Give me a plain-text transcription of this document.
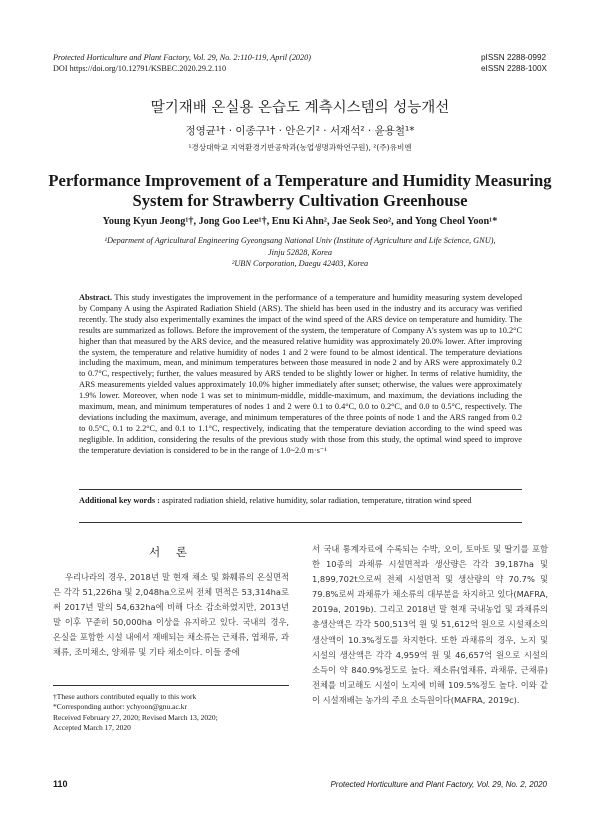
Protected Horticulture and Plant Factory, Vol. 29, No. 2:110-119, April (2020)
DOI https://doi.org/10.12791/KSBEC.2020.29.2.110
pISSN 2288-0992
eISSN 2288-100X
딸기재배 온실용 온습도 계측시스템의 성능개선
정영균¹† · 이종구¹† · 안은기² · 서재석² · 윤용철¹*
¹경상대학교 지역환경기반공학과(농업생명과학연구원), ²(주)유비엔
Performance Improvement of a Temperature and Humidity Measuring
System for Strawberry Cultivation Greenhouse
Young Kyun Jeong¹†, Jong Goo Lee¹†, Enu Ki Ahn², Jae Seok Seo², and Yong Cheol Yoon¹*
¹Deparment of Agricultural Engineering Gyeongsang National Univ (Institute of Agriculture and Life Science, GNU),
Jinju 52828, Korea
²UBN Corporation, Daegu 42403, Korea
Abstract. This study investigates the improvement in the performance of a temperature and humidity measuring system developed by Company A using the Aspirated Radiation Shield (ARS). The shield has been used in the industry and its accuracy was verified recently. The study also experimentally examines the impact of the wind speed of the ARS device on temperature and humidity. The results are summarized as follows. Before the improvement of the system, the temperature of Company A's system was up to 10.2°C higher than that measured by the ARS device, and the measured relative humidity was approximately 20.0% lower. After improving the system, the temperature and relative humidity of nodes 1 and 2 were found to be almost identical. The temperature deviations including the maximum, mean, and minimum temperatures between those measured in node 2 and by ARS were approximately 0.2 to 0.7°C, respectively; further, the values measured by ARS tended to be slightly lower or higher. In terms of relative humidity, the ARS measurements yielded values approximately 10.0% higher immediately after sunset; otherwise, the values were approximately 1.9% lower. Moreover, when node 1 was set to minimum-middle, middle-maximum, and maximum, the deviations including the maximum, mean, and minimum temperatures of nodes 1 and 2 were 0.1 to 0.4°C, 0.0 to 0.2°C, and 0.0 to 0.5°C, respectively. The deviations including the maximum, average, and minimum temperatures of the three points of node 1 and the ARS ranged from 0.2 to 0.5°C, 0.1 to 2.2°C, and 0.1 to 1.1°C, respectively, indicating that the temperature deviation according to the wind speed was negligible. In addition, considering the results of the previous study with those from this study, the optimal wind speed to improve the temperature deviation is considered to be in the range of 1.0~2.0 m·s⁻¹
Additional key words : aspirated radiation shield, relative humidity, solar radiation, temperature, titration wind speed
서 론

우리나라의 경우, 2018년 말 현재 채소 및 화훼류의 온실면적은 각각 51,226ha 및 2,048ha으로써 전체 면적은 53,314ha로써 2017년 말의 54,632ha에 비해 다소 감소하였지만, 2013년 말 이후 꾸준히 50,000ha 이상을 유지하고 있다. 국내의 경우, 온실을 포함한 시설 내에서 재배되는 채소류는 근채류, 엽채류, 과채류, 조미채소, 양채류 및 기타 채소이다. 이들 중에

†These authors contributed equally to this work
*Corresponding author: ychyoon@gnu.ac.kr
Received February 27, 2020; Revised March 13, 2020;
Accepted March 17, 2020

서 국내 통계자료에 수록되는 수박, 오이, 토마토 및 딸기를 포함한 10종의 과채류 시설면적과 생산량은 각각 39,187ha 및 1,899,702t으로써 전체 시설면적 및 생산량의 약 70.7% 및 79.8%로써 과채류가 채소류의 대부분을 차지하고 있다(MAFRA, 2019a, 2019b). 그리고 2018년 말 현재 국내농업 및 과채류의 총생산액은 각각 500,513억 원 및 51,612억 원으로 시설채소의 생산액이 10.3%정도를 차지한다. 또한 과채류의 경우, 노지 및 시설의 생산액은 각각 4,959억 원 및 46,657억 원으로 시설의 소득이 약 840.9%정도로 높다. 채소류(엽채류, 과채류, 근채류) 전체를 비교해도 시설이 노지에 비해 109.5%정도 높다. 이와 같이 시설재배는 농가의 주요 소득원이다(MAFRA, 2019c).

110	Protected Horticulture and Plant Factory, Vol. 29, No. 2, 2020
